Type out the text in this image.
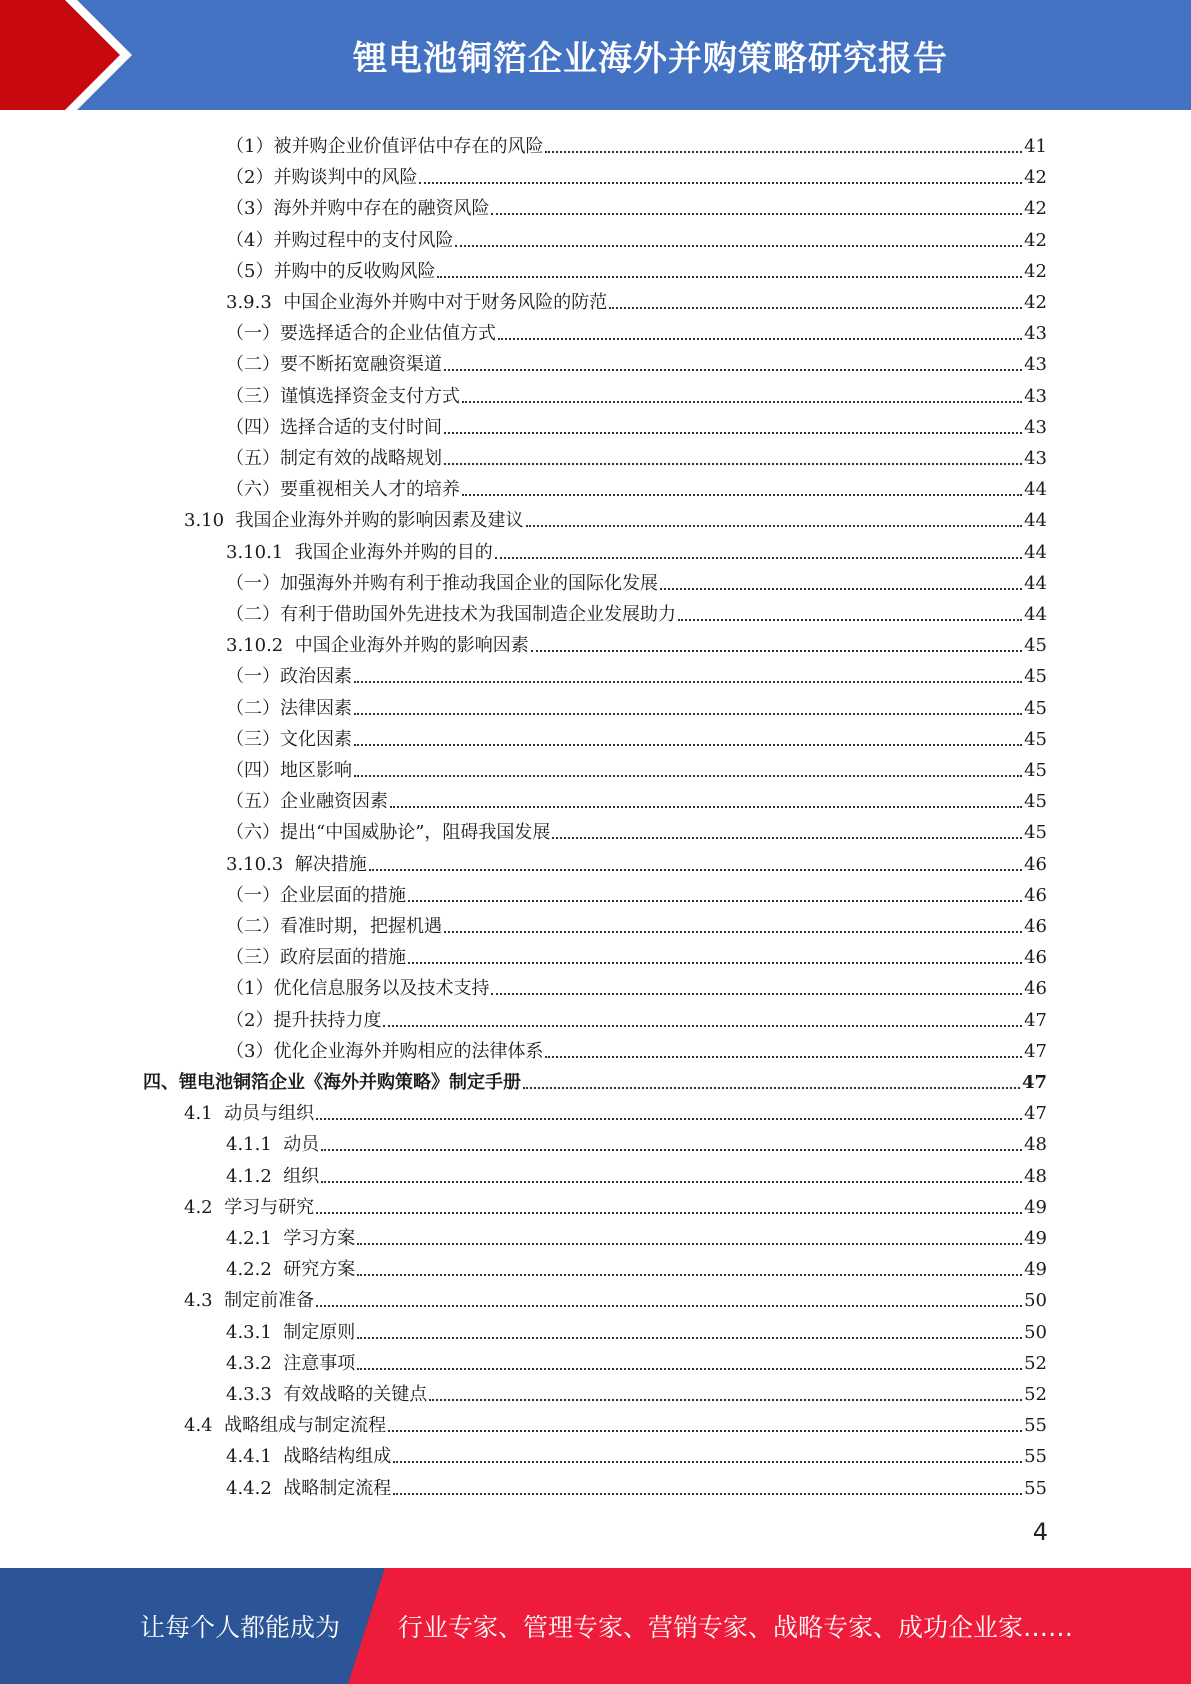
锂电池铜箔企业海外并购策略研究报告
（1） 被并购企业价值评估中存在的风险	41
（2） 并购谈判中的风险	42
（3） 海外并购中存在的融资风险	42
（4） 并购过程中的支付风险	42
（5） 并购中的反收购风险	42
3.9.3 中国企业海外并购中对于财务风险的防范	42
（一） 要选择适合的企业估值方式	43
（二） 要不断拓宽融资渠道	43
（三） 谨慎选择资金支付方式	43
（四） 选择合适的支付时间	43
（五） 制定有效的战略规划	43
（六） 要重视相关人才的培养	44
3.10 我国企业海外并购的影响因素及建议	44
3.10.1 我国企业海外并购的目的	44
（一） 加强海外并购有利于推动我国企业的国际化发展	44
（二） 有利于借助国外先进技术为我国制造企业发展助力	44
3.10.2 中国企业海外并购的影响因素	45
（一） 政治因素	45
（二） 法律因素	45
（三） 文化因素	45
（四） 地区影响	45
（五） 企业融资因素	45
（六） 提出“中国威胁论”，阻碍我国发展	45
3.10.3 解决措施	46
（一） 企业层面的措施	46
（二） 看准时期，把握机遇	46
（三） 政府层面的措施	46
（1） 优化信息服务以及技术支持	46
（2） 提升扶持力度	47
（3） 优化企业海外并购相应的法律体系	47
四、 锂电池铜箔企业《海外并购策略》制定手册	47
4.1 动员与组织	47
4.1.1 动员	48
4.1.2 组织	48
4.2 学习与研究	49
4.2.1 学习方案	49
4.2.2 研究方案	49
4.3 制定前准备	50
4.3.1 制定原则	50
4.3.2 注意事项	52
4.3.3 有效战略的关键点	52
4.4 战略组成与制定流程	55
4.4.1 战略结构组成	55
4.4.2 战略制定流程	55
4
让每个人都能成为 行业专家、管理专家、营销专家、战略专家、成功企业家……
